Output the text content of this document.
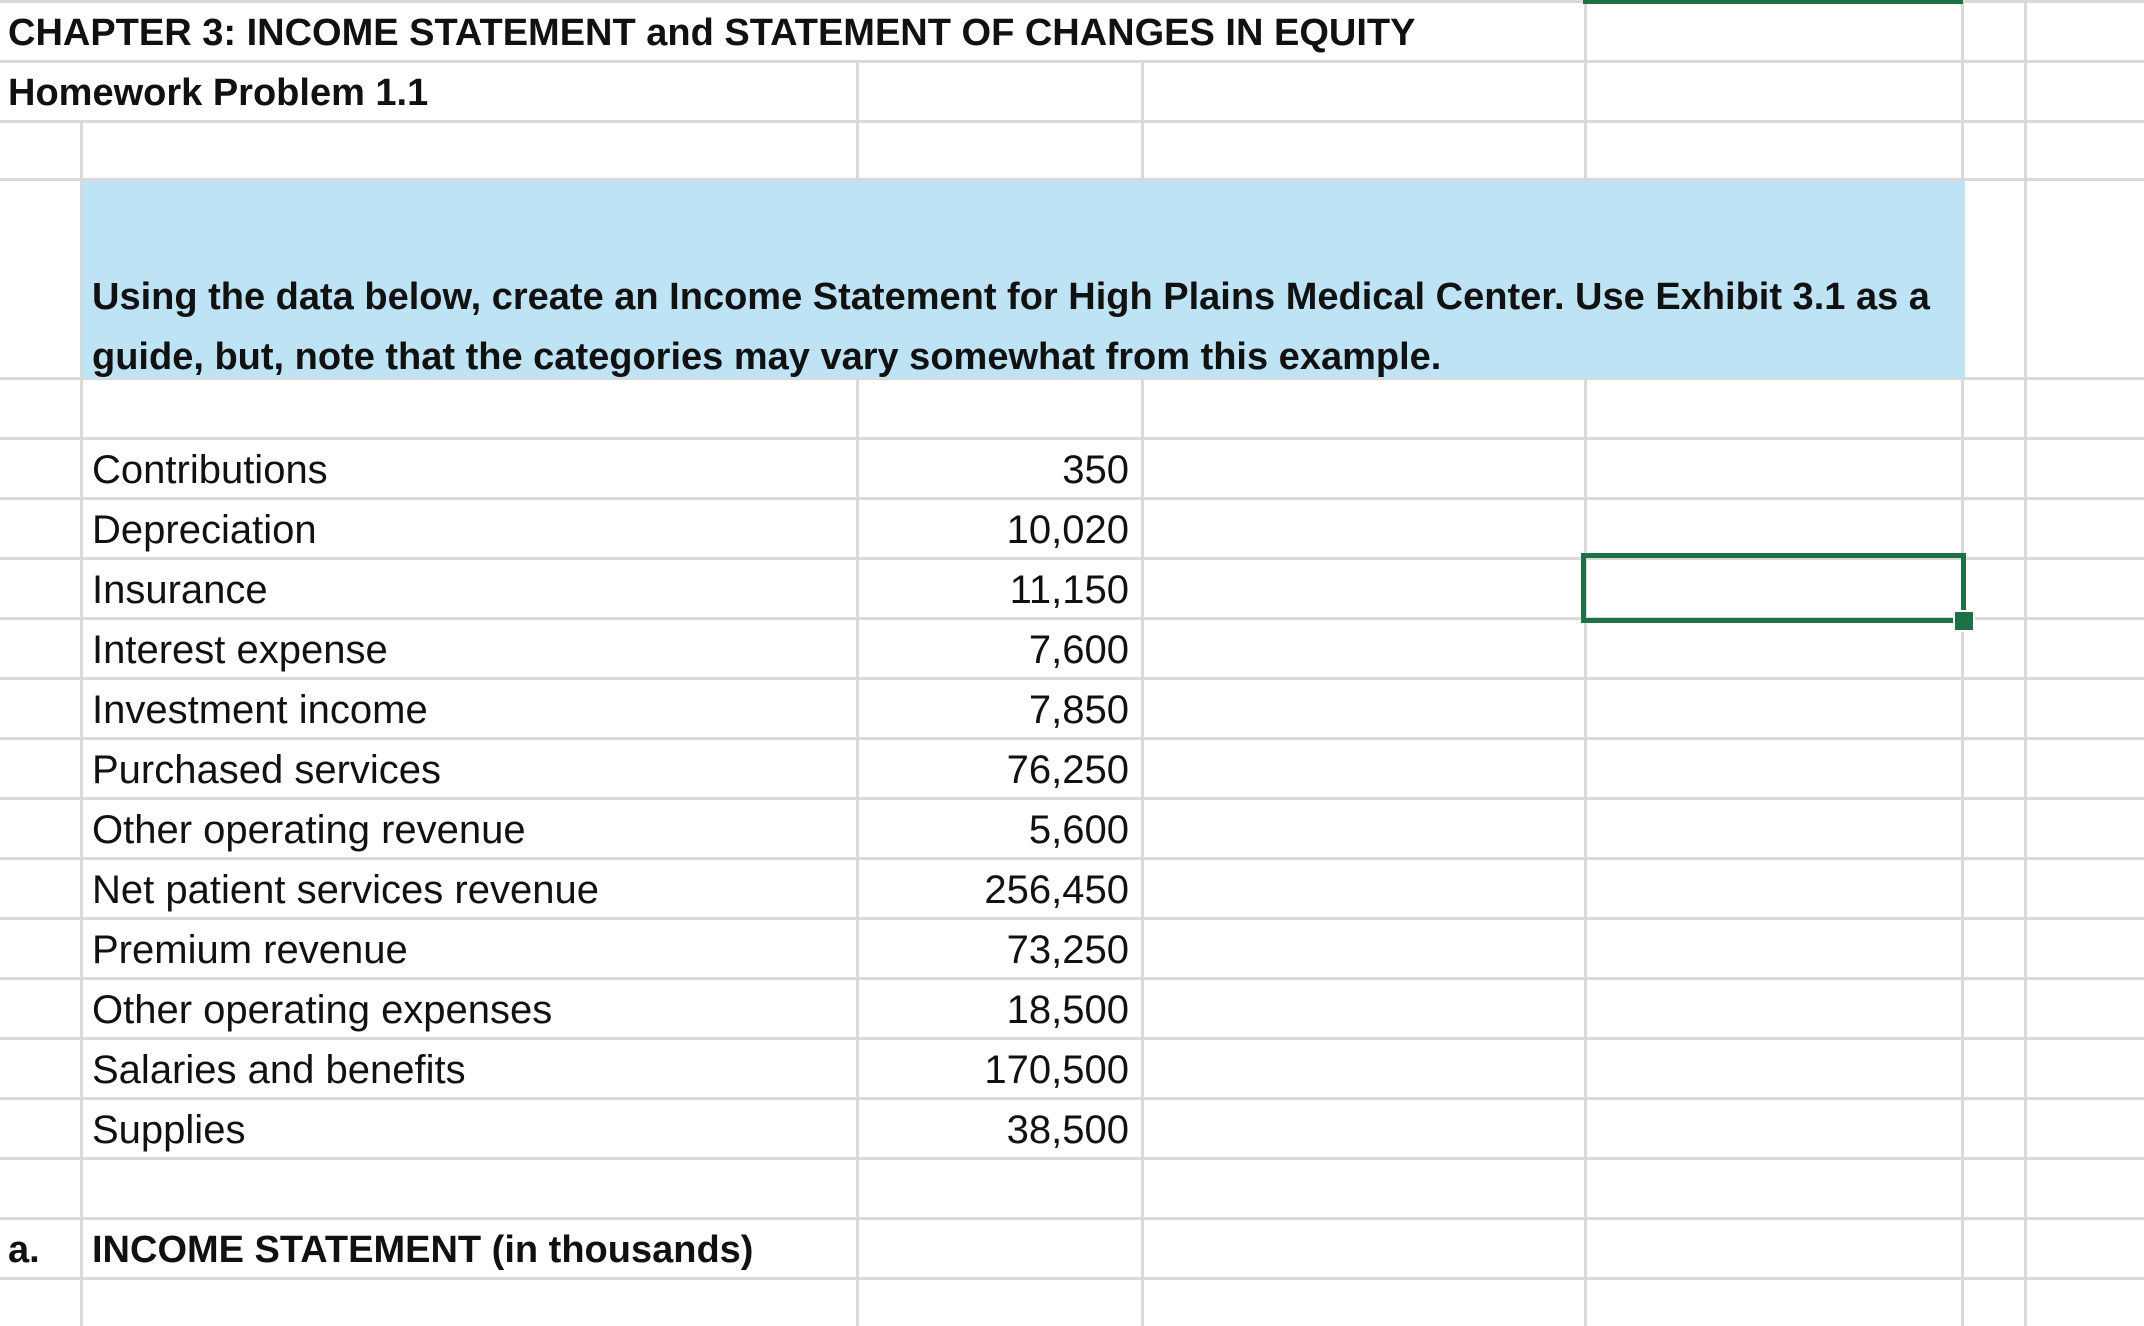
CHAPTER 3: INCOME STATEMENT and STATEMENT OF CHANGES IN EQUITY
Homework Problem 1.1
Using the data below, create an Income Statement for High Plains Medical Center. Use Exhibit 3.1 as a guide, but, note that the categories may vary somewhat from this example.
Contributions	350
Depreciation	10,020
Insurance	11,150
Interest expense	7,600
Investment income	7,850
Purchased services	76,250
Other operating revenue	5,600
Net patient services revenue	256,450
Premium revenue	73,250
Other operating expenses	18,500
Salaries and benefits	170,500
Supplies	38,500
a. INCOME STATEMENT (in thousands)
